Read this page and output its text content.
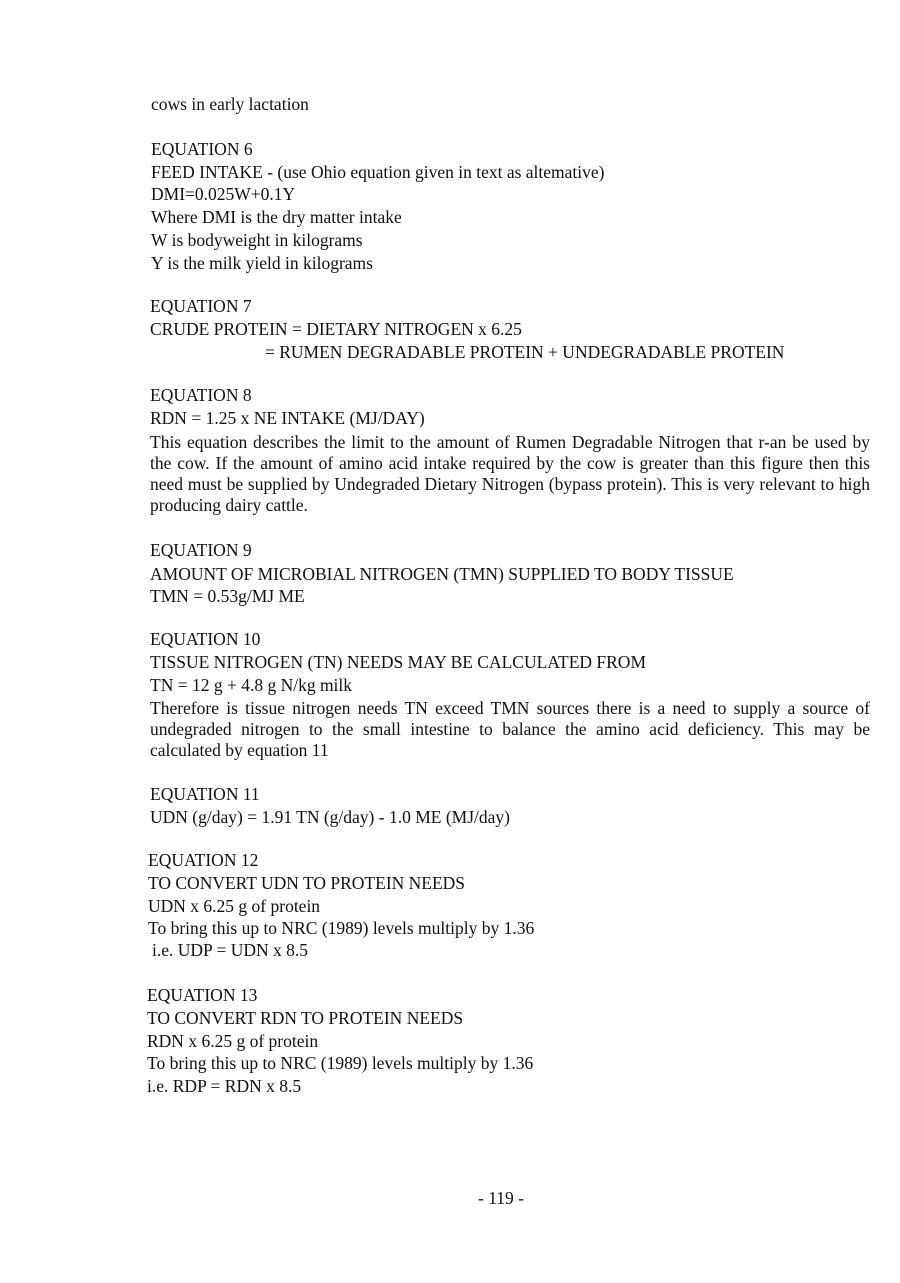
cows in early lactation
EQUATION 6
FEED INTAKE - (use Ohio equation given in text as altemative)
DMI=0.025W+0.1Y
Where DMI is the dry matter intake
W is bodyweight in kilograms
Y is the milk yield in kilograms
EQUATION 7
CRUDE PROTEIN = DIETARY NITROGEN x 6.25
= RUMEN DEGRADABLE PROTEIN + UNDEGRADABLE PROTEIN
EQUATION 8
RDN = 1.25 x NE INTAKE (MJ/DAY)
This equation describes the limit to the amount of Rumen Degradable Nitrogen that r-an be used by the cow. If the amount of amino acid intake required by the cow is greater than this figure then this need must be supplied by Undegraded Dietary Nitrogen (bypass protein). This is very relevant to high producing dairy cattle.
EQUATION 9
AMOUNT OF MICROBIAL NITROGEN (TMN) SUPPLIED TO BODY TISSUE
TMN = 0.53g/MJ ME
EQUATION 10
TISSUE NITROGEN (TN) NEEDS MAY BE CALCULATED FROM
TN = 12 g + 4.8 g N/kg milk
Therefore is tissue nitrogen needs TN exceed TMN sources there is a need to supply a source of undegraded nitrogen to the small intestine to balance the amino acid deficiency. This may be calculated by equation 11
EQUATION 11
UDN (g/day) = 1.91 TN (g/day) - 1.0 ME (MJ/day)
EQUATION 12
TO CONVERT UDN TO PROTEIN NEEDS
UDN x 6.25 g of protein
To bring this up to NRC (1989) levels multiply by 1.36
i.e. UDP = UDN x 8.5
EQUATION 13
TO CONVERT RDN TO PROTEIN NEEDS
RDN x 6.25 g of protein
To bring this up to NRC (1989) levels multiply by 1.36
i.e. RDP = RDN x 8.5
- 119 -
